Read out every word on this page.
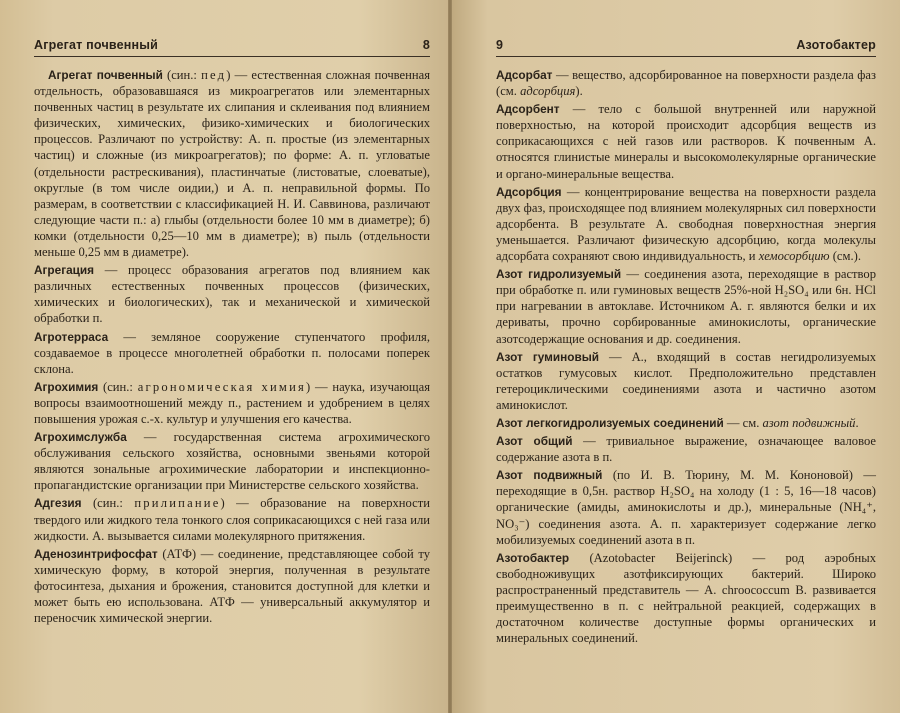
Агрегат почвенный	8

Агрегат почвенный (син.: пед) — естественная сложная почвенная отдельность, образовавшаяся из микроагрегатов или элементарных почвенных частиц в результате их слипания и склеивания под влиянием физических, химических, физико-химических и биологических процессов. Различают по устройству: А. п. простые (из элементарных частиц) и сложные (из микроагрегатов); по форме: А. п. угловатые (отдельности растрескивания), пластинчатые (листоватые, слоеватые), округлые (в том числе оидии,) и А. п. неправильной формы. По размерам, в соответствии с классификацией Н. И. Саввинова, различают следующие части п.: а) глыбы (отдельности более 10 мм в диаметре); б) комки (отдельности 0,25—10 мм в диаметре); в) пыль (отдельности меньше 0,25 мм в диаметре).

Агрегация — процесс образования агрегатов под влиянием как различных естественных почвенных процессов (физических, химических и биологических), так и механической и химической обработки п.

Агротерраса — земляное сооружение ступенчатого профиля, создаваемое в процессе многолетней обработки п. полосами поперек склона.

Агрохимия (син.: агрономическая химия) — наука, изучающая вопросы взаимоотношений между п., растением и удобрением в целях повышения урожая с.-х. культур и улучшения его качества.

Агрохимслужба — государственная система агрохимического обслуживания сельского хозяйства, основными звеньями которой являются зональные агрохимические лаборатории и инспекционно-пропагандистские организации при Министерстве сельского хозяйства.

Адгезия (син.: прилипание) — образование на поверхности твердого или жидкого тела тонкого слоя соприкасающихся с ней газа или жидкости. А. вызывается силами молекулярного притяжения.

Аденозинтрифосфат (АТФ) — соединение, представляющее собой ту химическую форму, в которой энергия, полученная в результате фотосинтеза, дыхания и брожения, становится доступной для клетки и может быть ею использована. АТФ — универсальный аккумулятор и переносчик химической энергии.

9	Азотобактер

Адсорбат — вещество, адсорбированное на поверхности раздела фаз (см. адсорбция).

Адсорбент — тело с большой внутренней или наружной поверхностью, на которой происходит адсорбция веществ из соприкасающихся с ней газов или растворов. К почвенным А. относятся глинистые минералы и высокомолекулярные органические и органо-минеральные вещества.

Адсорбция — концентрирование вещества на поверхности раздела двух фаз, происходящее под влиянием молекулярных сил поверхности адсорбента. В результате А. свободная поверхностная энергия уменьшается. Различают физическую адсорбцию, когда молекулы адсорбата сохраняют свою индивидуальность, и хемосорбцию (см.).

Азот гидролизуемый — соединения азота, переходящие в раствор при обработке п. или гуминовых веществ 25%-ной H₂SO₄ или 6н. HCl при нагревании в автоклаве. Источником А. г. являются белки и их дериваты, прочно сорбированные аминокислоты, органические азотсодержащие основания и др. соединения.

Азот гуминовый — А., входящий в состав негидролизуемых остатков гумусовых кислот. Предположительно представлен гетероциклическими соединениями азота и частично азотом аминокислот.

Азот легкогидролизуемых соединений — см. азот подвижный.

Азот общий — тривиальное выражение, означающее валовое содержание азота в п.

Азот подвижный (по И. В. Тюрину, М. М. Кононовой) — переходящие в 0,5н. раствор H₂SO₄ на холоду (1 : 5, 16—18 часов) органические (амиды, аминокислоты и др.), минеральные (NH₄⁺, NO₃⁻) соединения азота. А. п. характеризует содержание легко мобилизуемых соединений азота в п.

Азотобактер (Azotobacter Beijerinck) — род аэробных свободноживущих азотфиксирующих бактерий. Широко распространенный представитель — A. chroococcum B. развивается преимущественно в п. с нейтральной реакцией, содержащих в достаточном количестве доступные формы органических и минеральных соединений.
